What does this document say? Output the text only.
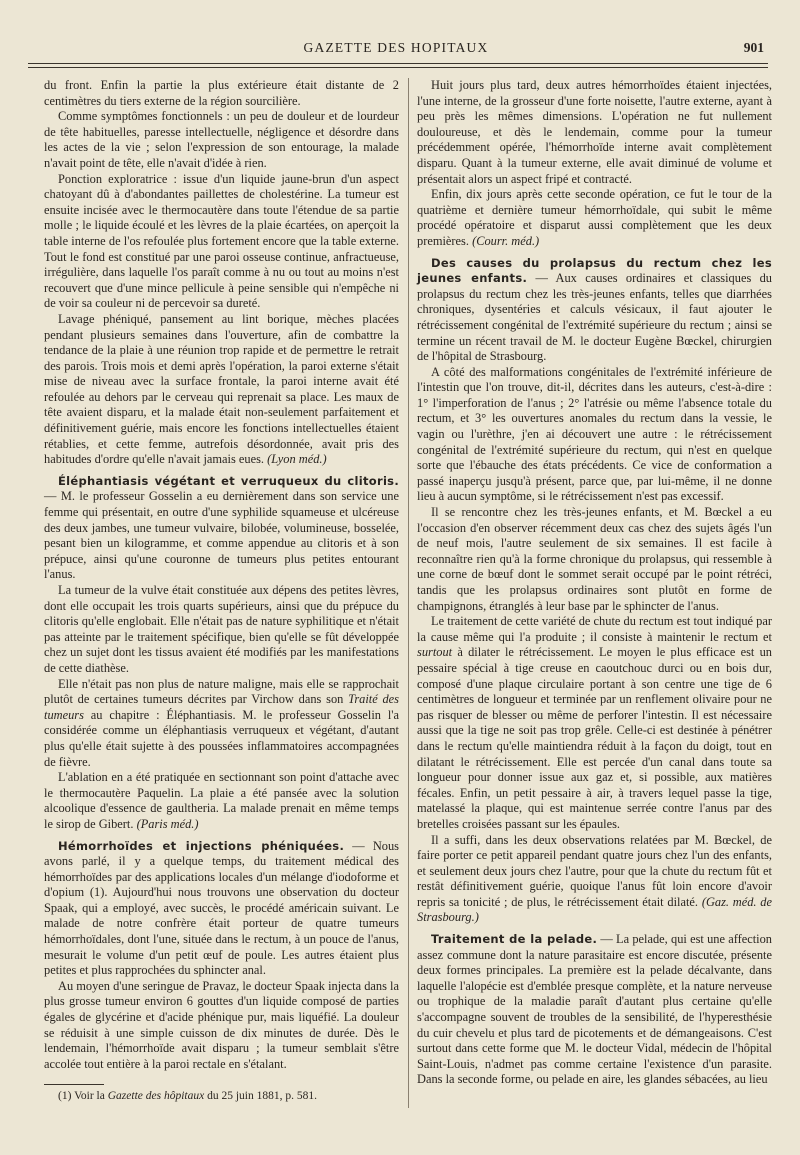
GAZETTE DES HOPITAUX	901

du front. Enfin la partie la plus extérieure était distante de 2 centimètres du tiers externe de la région sourcilière.

Comme symptômes fonctionnels : un peu de douleur et de lourdeur de tête habituelles, paresse intellectuelle, négligence et désordre dans les actes de la vie ; selon l'expression de son entourage, la malade n'avait point de tête, elle n'avait d'idée à rien.

Ponction exploratrice : issue d'un liquide jaune-brun d'un aspect chatoyant dû à d'abondantes paillettes de cholestérine. La tumeur est ensuite incisée avec le thermocautère dans toute l'étendue de sa partie molle ; le liquide écoulé et les lèvres de la plaie écartées, on aperçoit la table interne de l'os refoulée plus fortement encore que la table externe. Tout le fond est constitué par une paroi osseuse continue, anfractueuse, irrégulière, dans laquelle l'os paraît comme à nu ou tout au moins n'est recouvert que d'une mince pellicule à peine sensible qui n'empêche ni de voir sa couleur ni de percevoir sa dureté.

Lavage phéniqué, pansement au lint borique, mèches placées pendant plusieurs semaines dans l'ouverture, afin de combattre la tendance de la plaie à une réunion trop rapide et de permettre le retrait des parois. Trois mois et demi après l'opération, la paroi externe s'était mise de niveau avec la surface frontale, la paroi interne avait été refoulée au dehors par le cerveau qui reprenait sa place. Les maux de tête avaient disparu, et la malade était non-seulement parfaitement et définitivement guérie, mais encore les fonctions intellectuelles étaient rétablies, et cette femme, autrefois désordonnée, avait pris des habitudes d'ordre qu'elle n'avait jamais eues. (Lyon méd.)

Éléphantiasis végétant et verruqueux du clitoris. — M. le professeur Gosselin a eu dernièrement dans son service une femme qui présentait, en outre d'une syphilide squameuse et ulcéreuse des deux jambes, une tumeur vulvaire, bilobée, volumineuse, bosselée, pesant bien un kilogramme, et comme appendue au clitoris et à son prépuce, ainsi qu'une couronne de tumeurs plus petites entourant l'anus.

La tumeur de la vulve était constituée aux dépens des petites lèvres, dont elle occupait les trois quarts supérieurs, ainsi que du prépuce du clitoris qu'elle englobait. Elle n'était pas de nature syphilitique et n'était pas atteinte par le traitement spécifique, bien qu'elle se fût développée chez un sujet dont les tissus avaient été modifiés par les manifestations de cette diathèse.

Elle n'était pas non plus de nature maligne, mais elle se rapprochait plutôt de certaines tumeurs décrites par Virchow dans son Traité des tumeurs au chapitre : Éléphantiasis. M. le professeur Gosselin l'a considérée comme un éléphantiasis verruqueux et végétant, d'autant plus qu'elle était sujette à des poussées inflammatoires accompagnées de fièvre.

L'ablation en a été pratiquée en sectionnant son point d'attache avec le thermocautère Paquelin. La plaie a été pansée avec la solution alcoolique d'essence de gaultheria. La malade prenait en même temps le sirop de Gibert. (Paris méd.)

Hémorrhoïdes et injections phéniquées. — Nous avons parlé, il y a quelque temps, du traitement médical des hémorrhoïdes par des applications locales d'un mélange d'iodoforme et d'opium (1). Aujourd'hui nous trouvons une observation du docteur Spaak, qui a employé, avec succès, le procédé américain suivant. Le malade de notre confrère était porteur de quatre tumeurs hémorrhoïdales, dont l'une, située dans le rectum, à un pouce de l'anus, mesurait le volume d'un petit œuf de poule. Les autres étaient plus petites et plus rapprochées du sphincter anal.

Au moyen d'une seringue de Pravaz, le docteur Spaak injecta dans la plus grosse tumeur environ 6 gouttes d'un liquide composé de parties égales de glycérine et d'acide phénique pur, mais liquéfié. La douleur se réduisit à une simple cuisson de dix minutes de durée. Dès le lendemain, l'hémorrhoïde avait disparu ; la tumeur semblait s'être accolée tout entière à la paroi rectale en s'étalant.

(1) Voir la Gazette des hôpitaux du 25 juin 1881, p. 581.

Huit jours plus tard, deux autres hémorrhoïdes étaient injectées, l'une interne, de la grosseur d'une forte noisette, l'autre externe, ayant à peu près les mêmes dimensions. L'opération ne fut nullement douloureuse, et dès le lendemain, comme pour la tumeur précédemment opérée, l'hémorrhoïde interne avait complètement disparu. Quant à la tumeur externe, elle avait diminué de volume et présentait alors un aspect fripé et contracté.

Enfin, dix jours après cette seconde opération, ce fut le tour de la quatrième et dernière tumeur hémorrhoïdale, qui subit le même procédé opératoire et disparut aussi complètement que les deux premières. (Courr. méd.)

Des causes du prolapsus du rectum chez les jeunes enfants. — Aux causes ordinaires et classiques du prolapsus du rectum chez les très-jeunes enfants, telles que diarrhées chroniques, dysentéries et calculs vésicaux, il faut ajouter le rétrécissement congénital de l'extrémité supérieure du rectum ; ainsi se termine un récent travail de M. le docteur Eugène Bœckel, chirurgien de l'hôpital de Strasbourg.

A côté des malformations congénitales de l'extrémité inférieure de l'intestin que l'on trouve, dit-il, décrites dans les auteurs, c'est-à-dire : 1° l'imperforation de l'anus ; 2° l'atrésie ou même l'absence totale du rectum, et 3° les ouvertures anomales du rectum dans la vessie, le vagin ou l'urèthre, j'en ai découvert une autre : le rétrécissement congénital de l'extrémité supérieure du rectum, qui n'est en quelque sorte que l'ébauche des états précédents. Ce vice de conformation a passé inaperçu jusqu'à présent, parce que, par lui-même, il ne donne lieu à aucun symptôme, si le rétrécissement n'est pas excessif.

Il se rencontre chez les très-jeunes enfants, et M. Bœckel a eu l'occasion d'en observer récemment deux cas chez des sujets âgés l'un de neuf mois, l'autre seulement de six semaines. Il est facile à reconnaître rien qu'à la forme chronique du prolapsus, qui ressemble à une corne de bœuf dont le sommet serait occupé par le point rétréci, tandis que les prolapsus ordinaires sont plutôt en forme de champignons, étranglés à leur base par le sphincter de l'anus.

Le traitement de cette variété de chute du rectum est tout indiqué par la cause même qui l'a produite ; il consiste à maintenir le rectum et surtout à dilater le rétrécissement. Le moyen le plus efficace est un pessaire spécial à tige creuse en caoutchouc durci ou en bois dur, composé d'une plaque circulaire portant à son centre une tige de 6 centimètres de longueur et terminée par un renflement olivaire pour ne pas risquer de blesser ou même de perforer l'intestin. Il est nécessaire aussi que la tige ne soit pas trop grêle. Celle-ci est destinée à pénétrer dans le rectum qu'elle maintiendra réduit à la façon du doigt, tout en dilatant le rétrécissement. Elle est percée d'un canal dans toute sa longueur pour donner issue aux gaz et, si possible, aux matières fécales. Enfin, un petit pessaire à air, à travers lequel passe la tige, matelassé la plaque, qui est maintenue serrée contre l'anus par des bretelles croisées passant sur les épaules.

Il a suffi, dans les deux observations relatées par M. Bœckel, de faire porter ce petit appareil pendant quatre jours chez l'un des enfants, et seulement deux jours chez l'autre, pour que la chute du rectum fût et restât définitivement guérie, quoique l'anus fût loin encore d'avoir repris sa tonicité ; de plus, le rétrécissement était dilaté. (Gaz. méd. de Strasbourg.)

Traitement de la pelade. — La pelade, qui est une affection assez commune dont la nature parasitaire est encore discutée, présente deux formes principales. La première est la pelade décalvante, dans laquelle l'alopécie est d'emblée presque complète, et la nature nerveuse ou trophique de la maladie paraît d'autant plus certaine qu'elle s'accompagne souvent de troubles de la sensibilité, de l'hyperesthésie du cuir chevelu et plus tard de picotements et de démangeaisons. C'est surtout dans cette forme que M. le docteur Vidal, médecin de l'hôpital Saint-Louis, n'admet pas comme certaine l'existence d'un parasite. Dans la seconde forme, ou pelade en aire, les glandes sébacées, au lieu
